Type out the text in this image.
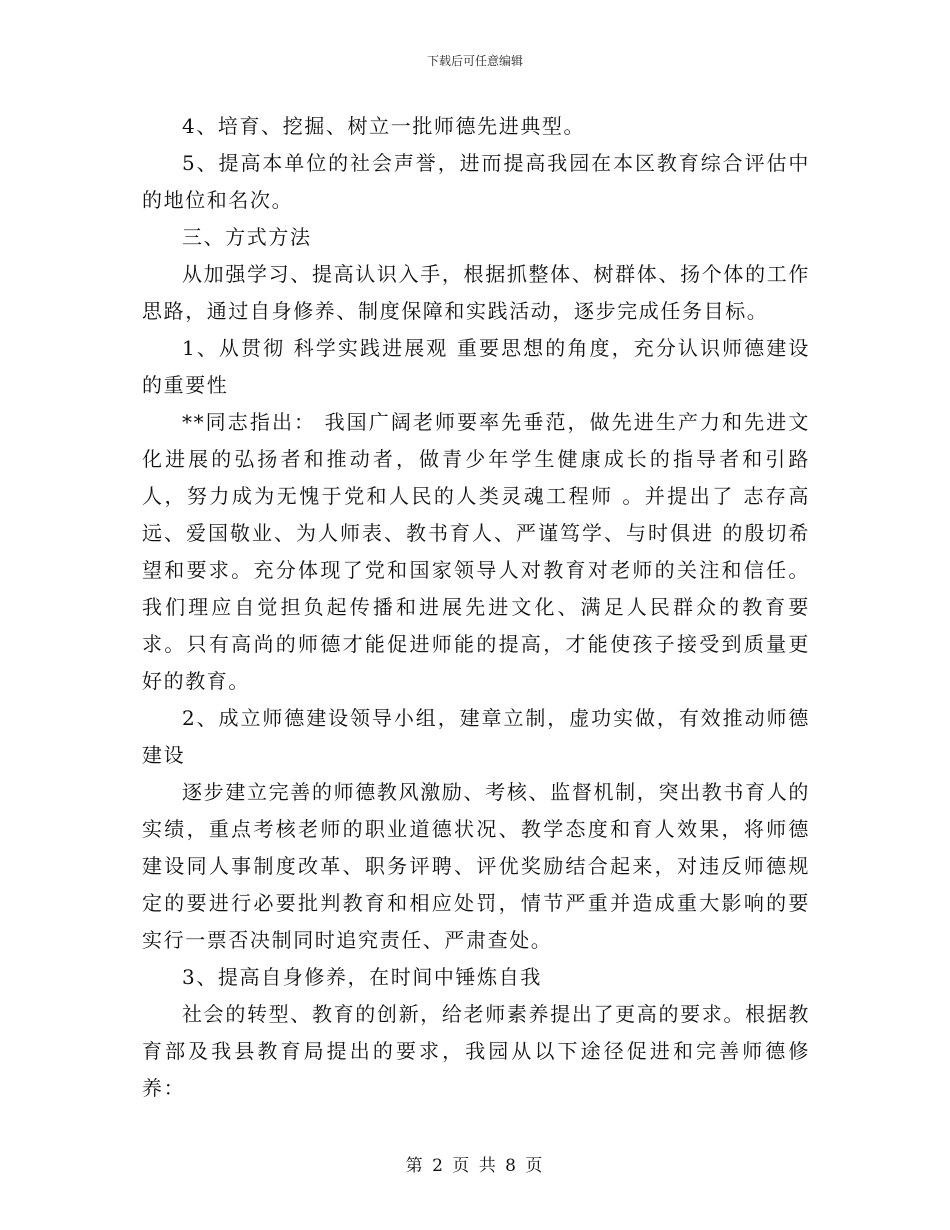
下载后可任意编辑

4、培育、挖掘、树立一批师德先进典型。

5、提高本单位的社会声誉，进而提高我园在本区教育综合评估中的地位和名次。

三、方式方法

从加强学习、提高认识入手，根据抓整体、树群体、扬个体的工作思路，通过自身修养、制度保障和实践活动，逐步完成任务目标。

1、从贯彻 科学实践进展观 重要思想的角度，充分认识师德建设的重要性

**同志指出： 我国广阔老师要率先垂范，做先进生产力和先进文化进展的弘扬者和推动者，做青少年学生健康成长的指导者和引路人，努力成为无愧于党和人民的人类灵魂工程师 。并提出了 志存高远、爱国敬业、为人师表、教书育人、严谨笃学、与时俱进 的殷切希望和要求。充分体现了党和国家领导人对教育对老师的关注和信任。我们理应自觉担负起传播和进展先进文化、满足人民群众的教育要求。只有高尚的师德才能促进师能的提高，才能使孩子接受到质量更好的教育。

2、成立师德建设领导小组，建章立制，虚功实做，有效推动师德建设

逐步建立完善的师德教风激励、考核、监督机制，突出教书育人的实绩，重点考核老师的职业道德状况、教学态度和育人效果，将师德建设同人事制度改革、职务评聘、评优奖励结合起来，对违反师德规定的要进行必要批判教育和相应处罚，情节严重并造成重大影响的要实行一票否决制同时追究责任、严肃查处。

3、提高自身修养，在时间中锤炼自我

社会的转型、教育的创新，给老师素养提出了更高的要求。根据教育部及我县教育局提出的要求，我园从以下途径促进和完善师德修养：

第 2 页 共 8 页
